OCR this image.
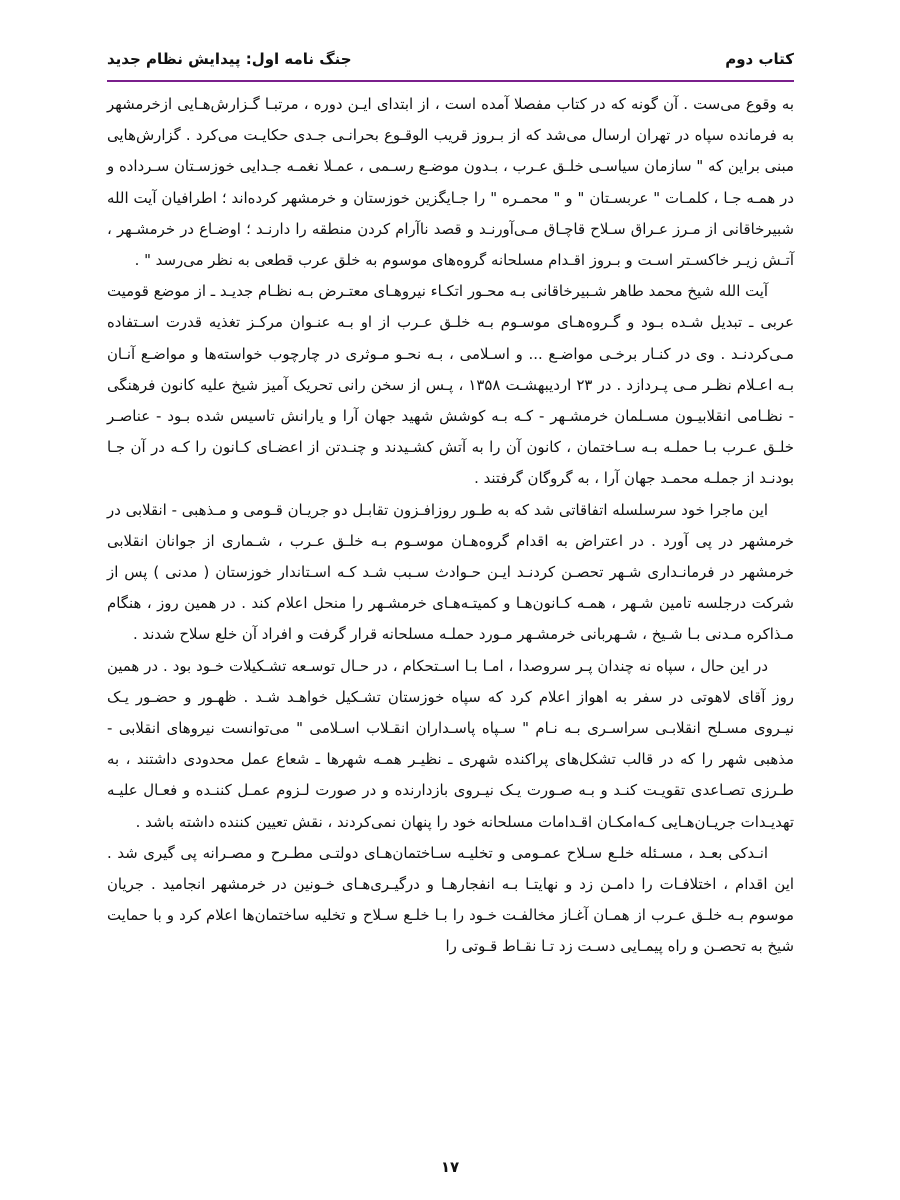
کتاب دوم
جنگ نامه اول: پیدایش نظام جدید

به وقوع می‌ست . آن گونه که در کتاب مفصلا آمده است ، از ابتدای ایـن دوره ، مرتبـا گـزارش‌هـایی ازخرمشهر به فرمانده سپاه در تهران ارسال می‌شد که از بـروز قریب الوقـوع بحرانـی جـدی حکایـت می‌کرد . گزارش‌هایی مبنی براین که " سازمان سیاسـی خلـق عـرب ، بـدون موضـع رسـمی ، عمـلا نغمـه جـدایی خوزسـتان سـرداده و در همـه جـا ، کلمـات " عربسـتان " و " محمـره " را جـایگزین خوزستان و خرمشهر کرده‌اند ؛ اطرافیان آیت الله شبیرخاقانی از مـرز عـراق سـلاح قاچـاق مـی‌آورنـد و قصد ناآرام کردن منطقه را دارنـد ؛ اوضـاع در خرمشـهر ، آتـش زیـر خاکسـتر اسـت و بـروز اقـدام مسلحانه گروه‌های موسوم به خلق عرب قطعی به نظر می‌رسد " .

آیت الله شیخ محمد طاهر شـبیرخاقانی بـه محـور اتکـاء نیروهـای معتـرض بـه نظـام جدیـد ـ از موضع قومیت عربی ـ تبدیل شـده بـود و گـروه‌هـای موسـوم بـه خلـق عـرب از او بـه عنـوان مرکـز تغذیه قدرت اسـتفاده مـی‌کردنـد . وی در کنـار برخـی مواضـع ... و اسـلامی ، بـه نحـو مـوثری در چارچوب خواسته‌ها و مواضـع آنـان بـه اعـلام نظـر مـی پـردازد . در ۲۳ اردیبهشـت ۱۳۵۸ ، پـس از سخن رانی تحریک آمیز شیخ علیه کانون فرهنگی - نظـامی انقلابیـون مسـلمان خرمشـهر - کـه بـه کوشش شهید جهان آرا و یارانش تاسیس شده بـود - عناصـر خلـق عـرب بـا حملـه بـه سـاختمان ، کانون آن را به آتش کشـیدند و چنـدتن از اعضـای کـانون را کـه در آن جـا بودنـد از جملـه محمـد جهان آرا ، به گروگان گرفتند .

این ماجرا خود سرسلسله اتفاقاتی شد که به طـور روزافـزون تقابـل دو جریـان قـومی و مـذهبی - انقلابی در خرمشهر در پی آورد . در اعتراض به اقدام گروه‌هـان موسـوم بـه خلـق عـرب ، شـماری از جوانان انقلابی خرمشهر در فرمانـداری شـهر تحصـن کردنـد ایـن حـوادث سـبب شـد کـه اسـتاندار خوزستان ( مدنی ) پس از شرکت درجلسه تامین شـهر ، همـه کـانون‌هـا و کمیتـه‌هـای خرمشـهر را منحل اعلام کند . در همین روز ، هنگام مـذاکره مـدنی بـا شـیخ ، شـهربانی خرمشـهر مـورد حملـه مسلحانه قرار گرفت و افراد آن خلع سلاح شدند .

در این حال ، سپاه نه چندان پـر سروصدا ، امـا بـا اسـتحکام ، در حـال توسـعه تشـکیلات خـود بود . در همین روز آقای لاهوتی در سفر به اهواز اعلام کرد که سپاه خوزستان تشـکیل خواهـد شـد . ظهـور و حضـور یـک نیـروی مسـلح انقلابـی سراسـری بـه نـام " سـپاه پاسـداران انقـلاب اسـلامی " می‌توانست نیروهای انقلابی - مذهبی شهر را که در قالب تشکل‌های پراکنده شهری ـ نظیـر همـه شهرها ـ شعاع عمل محدودی داشتند ، به طـرزی تصـاعدی تقویـت کنـد و بـه صـورت یـک نیـروی بازدارنده و در صورت لـزوم عمـل کننـده و فعـال علیـه تهدیـدات جریـان‌هـایی کـه‌امکـان اقـدامات مسلحانه خود را پنهان نمی‌کردند ، نقش تعیین کننده داشته باشد .

انـدکی بعـد ، مسـئله خلـع سـلاح عمـومی و تخلیـه سـاختمان‌هـای دولتـی مطـرح و مصـرانه پی گیری شد . این اقدام ، اختلافـات را دامـن زد و نهایتـا بـه انفجارهـا و درگیـری‌هـای خـونین در خرمشهر انجامید . جریان موسوم بـه خلـق عـرب از همـان آغـاز مخالفـت خـود را بـا خلـع سـلاح و تخلیه ساختمان‌ها اعلام کرد و با حمایت شیخ به تحصـن و راه پیمـایی دسـت زد تـا نقـاط قـوتی را

۱۷
